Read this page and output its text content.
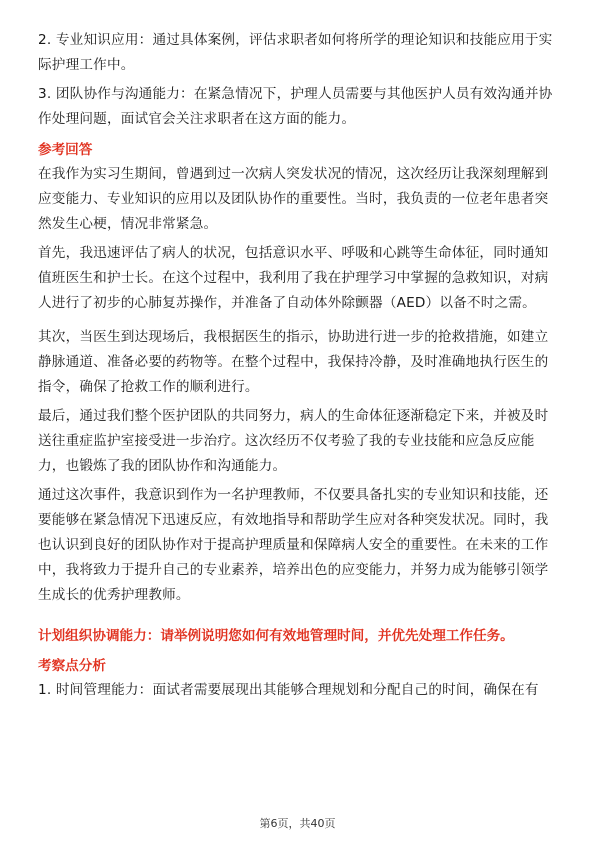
2. 专业知识应用：通过具体案例，评估求职者如何将所学的理论知识和技能应用于实际护理工作中。

3. 团队协作与沟通能力：在紧急情况下，护理人员需要与其他医护人员有效沟通并协作处理问题，面试官会关注求职者在这方面的能力。

参考回答

在我作为实习生期间，曾遇到过一次病人突发状况的情况，这次经历让我深刻理解到应变能力、专业知识的应用以及团队协作的重要性。当时，我负责的一位老年患者突然发生心梗，情况非常紧急。

首先，我迅速评估了病人的状况，包括意识水平、呼吸和心跳等生命体征，同时通知值班医生和护士长。在这个过程中，我利用了我在护理学习中掌握的急救知识，对病人进行了初步的心肺复苏操作，并准备了自动体外除颤器（AED）以备不时之需。

其次，当医生到达现场后，我根据医生的指示，协助进行进一步的抢救措施，如建立静脉通道、准备必要的药物等。在整个过程中，我保持冷静，及时准确地执行医生的指令，确保了抢救工作的顺利进行。

最后，通过我们整个医护团队的共同努力，病人的生命体征逐渐稳定下来，并被及时送往重症监护室接受进一步治疗。这次经历不仅考验了我的专业技能和应急反应能力，也锻炼了我的团队协作和沟通能力。

通过这次事件，我意识到作为一名护理教师，不仅要具备扎实的专业知识和技能，还要能够在紧急情况下迅速反应，有效地指导和帮助学生应对各种突发状况。同时，我也认识到良好的团队协作对于提高护理质量和保障病人安全的重要性。在未来的工作中，我将致力于提升自己的专业素养，培养出色的应变能力，并努力成为能够引领学生成长的优秀护理教师。

计划组织协调能力：请举例说明您如何有效地管理时间，并优先处理工作任务。
考察点分析

1. 时间管理能力：面试者需要展现出其能够合理规划和分配自己的时间，确保在有

第6页，共40页
